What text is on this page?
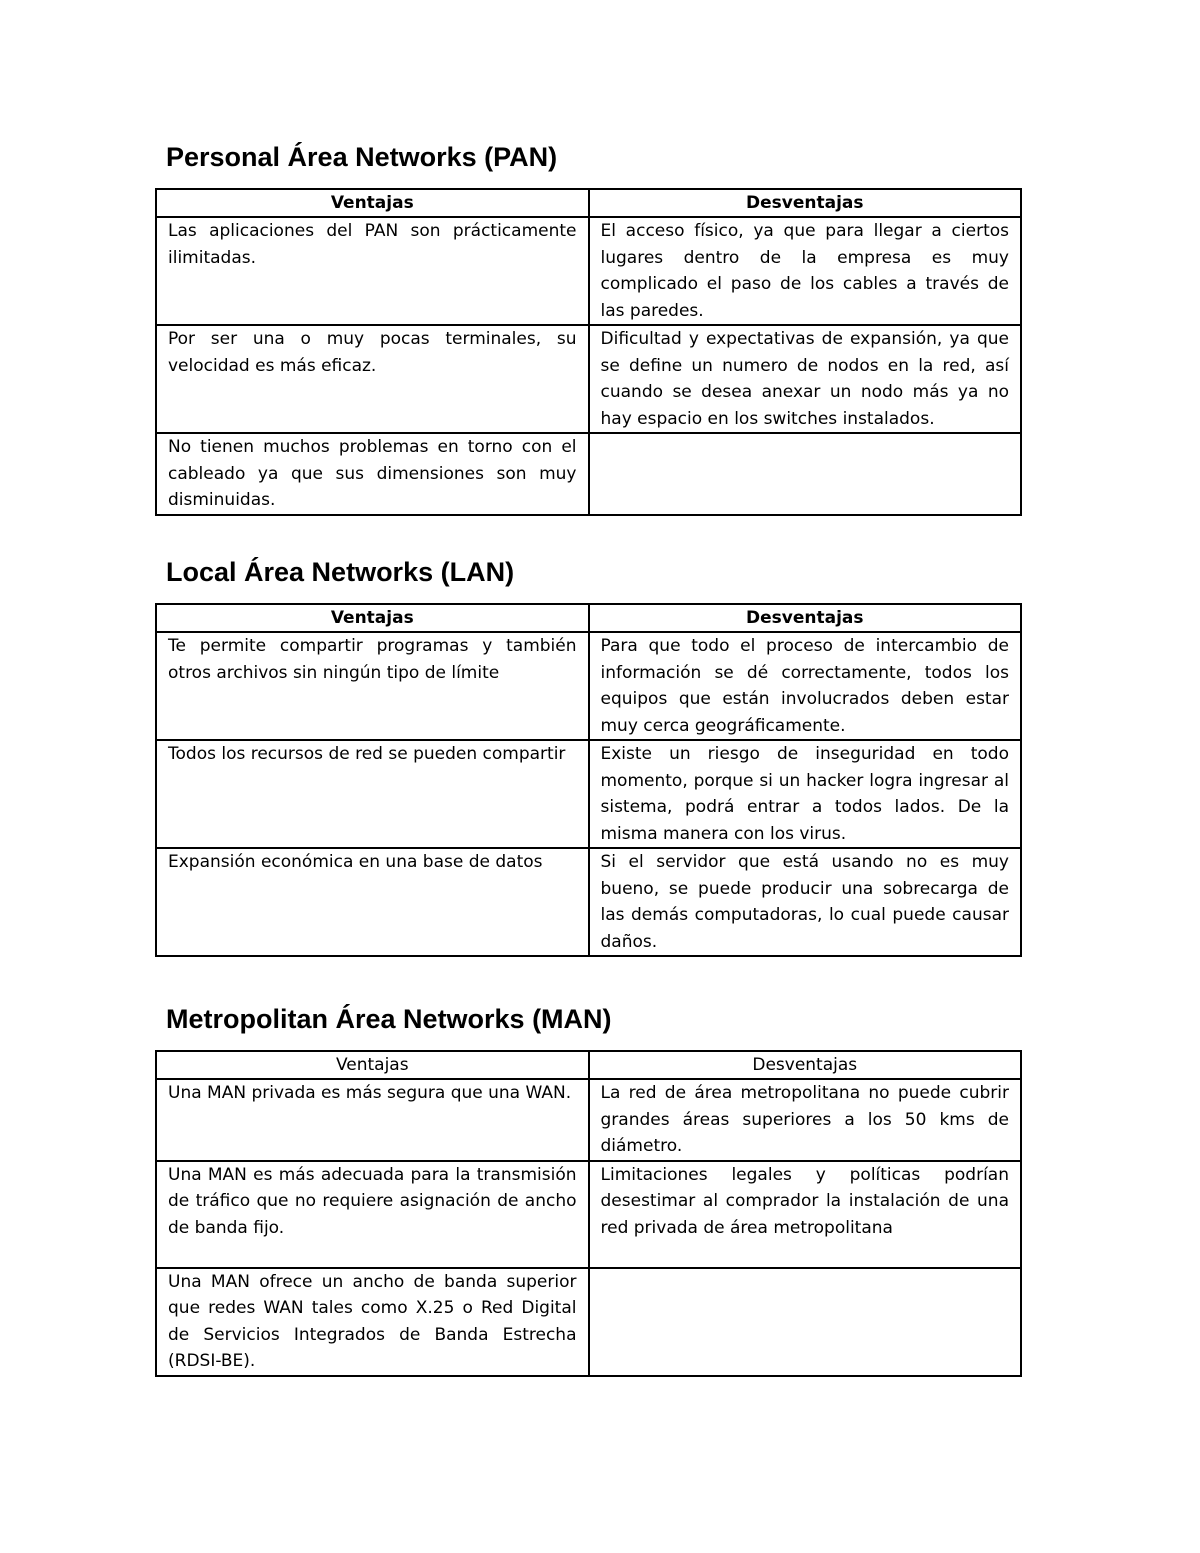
Personal Área Networks (PAN)
Ventajas	Desventajas
Las aplicaciones del PAN son prácticamente ilimitadas.	El acceso físico, ya que para llegar a ciertos lugares dentro de la empresa es muy complicado el paso de los cables a través de las paredes.
Por ser una o muy pocas terminales, su velocidad es más eficaz.	Dificultad y expectativas de expansión, ya que se define un numero de nodos en la red, así cuando se desea anexar un nodo más ya no hay espacio en los switches instalados.
No tienen muchos problemas en torno con el cableado ya que sus dimensiones son muy disminuidas.	
Local Área Networks (LAN)
Ventajas	Desventajas
Te permite compartir programas y también otros archivos sin ningún tipo de límite	Para que todo el proceso de intercambio de información se dé correctamente, todos los equipos que están involucrados deben estar muy cerca geográficamente.
Todos los recursos de red se pueden compartir	Existe un riesgo de inseguridad en todo momento, porque si un hacker logra ingresar al sistema, podrá entrar a todos lados. De la misma manera con los virus.
Expansión económica en una base de datos	Si el servidor que está usando no es muy bueno, se puede producir una sobrecarga de las demás computadoras, lo cual puede causar daños.
Metropolitan Área Networks (MAN)
Ventajas	Desventajas
Una MAN privada es más segura que una WAN.	La red de área metropolitana no puede cubrir grandes áreas superiores a los 50 kms de diámetro.
Una MAN es más adecuada para la transmisión de tráfico que no requiere asignación de ancho de banda fijo.	Limitaciones legales y políticas podrían desestimar al comprador la instalación de una red privada de área metropolitana
Una MAN ofrece un ancho de banda superior que redes WAN tales como X.25 o Red Digital de Servicios Integrados de Banda Estrecha (RDSI-BE).	
